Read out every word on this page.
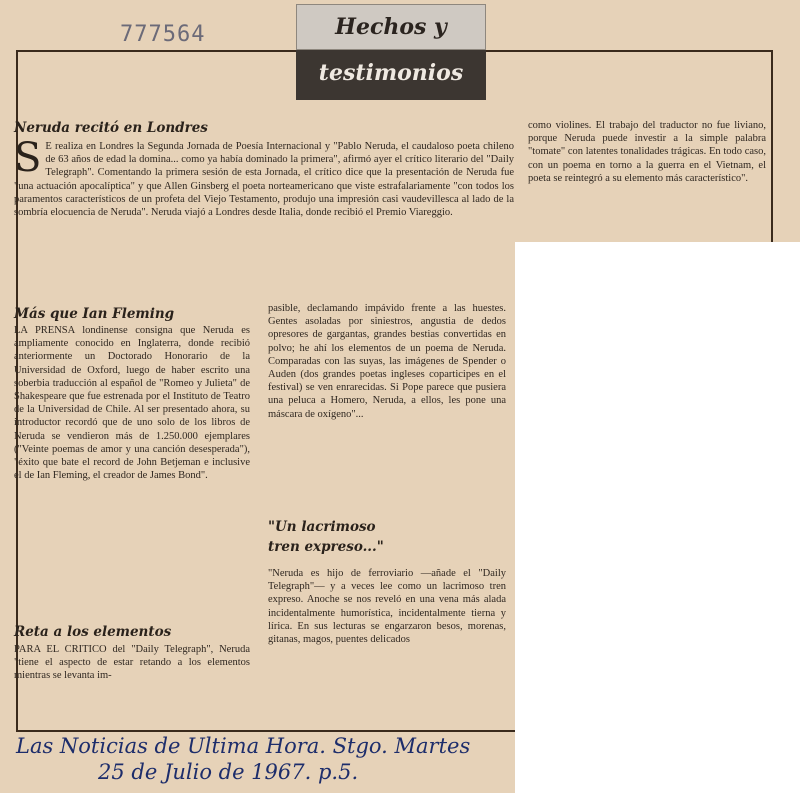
777564	Hechos y
testimonios
Neruda recitó en Londres
S E realiza en Londres la Segunda Jornada de Poesía Internacional y "Pablo Neruda, el caudaloso poeta chileno de 63 años de edad la domina... como ya había dominado la primera", afirmó ayer el crítico literario del "Daily Telegraph". Comentando la primera sesión de esta Jornada, el crítico dice que la presentación de Neruda fue "una actuación apocalíptica" y que Allen Ginsberg el poeta norteamericano que viste estrafalariamente "con todos los paramentos característicos de un profeta del Viejo Testamento, produjo una impresión casi vaudevillesca al lado de la sombría elocuencia de Neruda". Neruda viajó a Londres desde Italia, donde recibió el Premio Viareggio.
como violines. El trabajo del traductor no fue liviano, porque Neruda puede investir a la simple palabra "tomate" con latentes tonalidades trágicas. En todo caso, con un poema en torno a la guerra en el Vietnam, el poeta se reintegró a su elemento más característico".
Más que Ian Fleming
LA PRENSA londinense consigna que Neruda es ampliamente conocido en Inglaterra, donde recibió anteriormente un Doctorado Honorario de la Universidad de Oxford, luego de haber escrito una soberbia traducción al español de "Romeo y Julieta" de Shakespeare que fue estrenada por el Instituto de Teatro de la Universidad de Chile. Al ser presentado ahora, su introductor recordó que de uno solo de los libros de Neruda se vendieron más de 1.250.000 ejemplares ("Veinte poemas de amor y una canción desesperada"), "éxito que bate el record de John Betjeman e inclusive el de Ian Fleming, el creador de James Bond".
Reta a los elementos
PARA EL CRITICO del "Daily Telegraph", Neruda "tiene el aspecto de estar retando a los elementos mientras se levanta im-
pasible, declamando impávido frente a las huestes. Gentes asoladas por siniestros, angustia de dedos opresores de gargantas, grandes bestias convertidas en polvo; he ahí los elementos de un poema de Neruda. Comparadas con las suyas, las imágenes de Spender o Auden (dos grandes poetas ingleses coparticipes en el festival) se ven enrarecidas. Si Pope parece que pusiera una peluca a Homero, Neruda, a ellos, les pone una máscara de oxígeno"...
"Un lacrimoso
tren expreso..."
"Neruda es hijo de ferroviario —añade el "Daily Telegraph"— y a veces lee como un lacrimoso tren expreso. Anoche se nos reveló en una vena más alada incidentalmente humorística, incidentalmente tierna y lírica. En sus lecturas se engarzaron besos, morenas, gitanas, magos, puentes delicados
Las Noticias de Ultima Hora. Stgo. Martes
25 de Julio de 1967. p.5.
